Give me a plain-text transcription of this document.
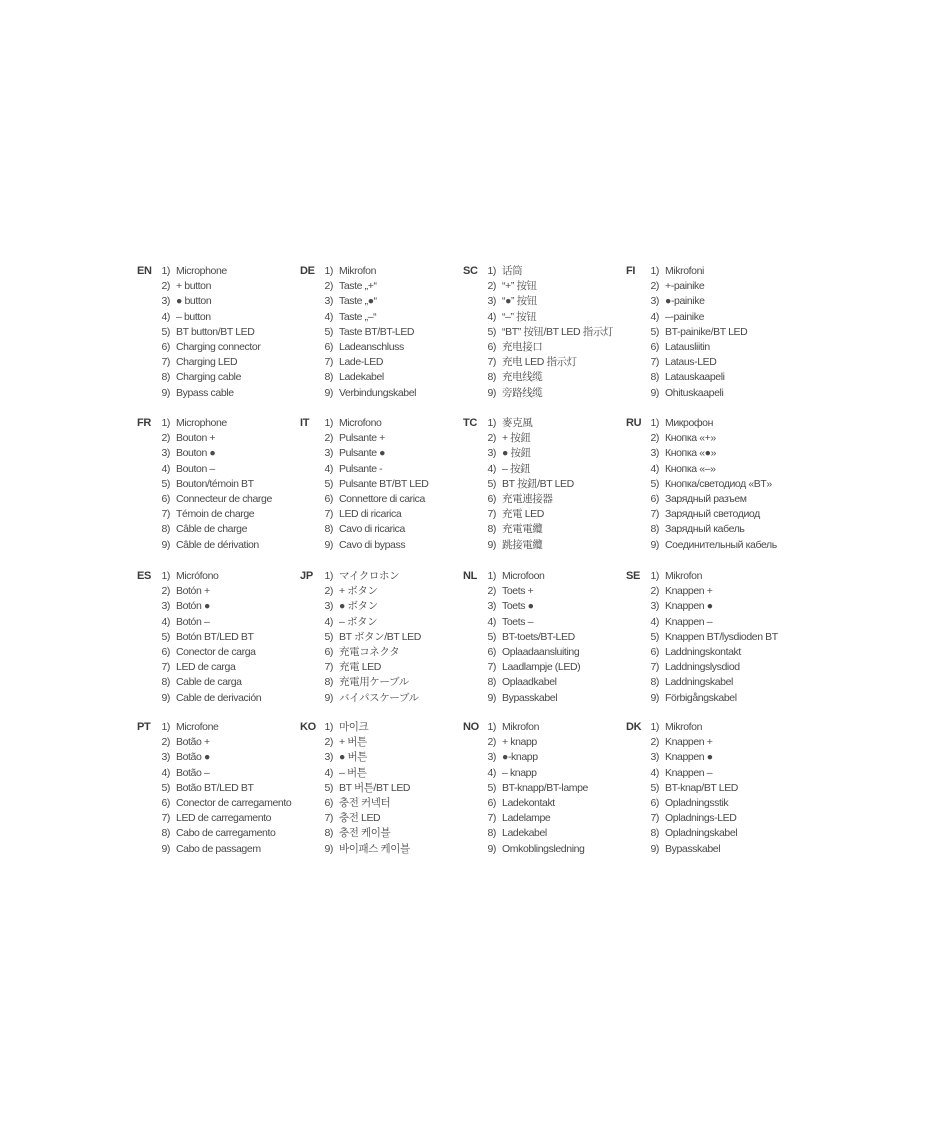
EN 1) Microphone
2) + button
3) ● button
4) – button
5) BT button/BT LED
6) Charging connector
7) Charging LED
8) Charging cable
9) Bypass cable
DE 1) Mikrofon
2) Taste „+“
3) Taste „●“
4) Taste „–“
5) Taste BT/BT-LED
6) Ladeanschluss
7) Lade-LED
8) Ladekabel
9) Verbindungskabel
SC 1) 话筒
2) “+” 按钮
3) “●” 按钮
4) “–” 按钮
5) “BT” 按钮/BT LED 指示灯
6) 充电接口
7) 充电 LED 指示灯
8) 充电线缆
9) 旁路线缆
FI	1) Mikrofoni
2) +-painike
3) ●-painike
4) –-painike
5) BT-painike/BT LED
6) Latausliitin
7) Lataus-LED
8) Latauskaapeli
9) Ohituskaapeli
FR 1) Microphone
2) Bouton +
3) Bouton ●
4) Bouton –
5) Bouton/témoin BT
6) Connecteur de charge
7) Témoin de charge
8) Câble de charge
9) Câble de dérivation
IT	1) Microfono
2) Pulsante +
3) Pulsante ●
4) Pulsante -
5) Pulsante BT/BT LED
6) Connettore di carica
7) LED di ricarica
8) Cavo di ricarica
9) Cavo di bypass
TC 1) 麥克風
2) + 按鈕
3) ● 按鈕
4) – 按鈕
5) BT 按鈕/BT LED
6) 充電連接器
7) 充電 LED
8) 充電電纜
9) 跳接電纜
RU 1) Микрофон
2) Кнопка «+»
3) Кнопка «●»
4) Кнопка «–»
5) Кнопка/светодиод «BT»
6) Зарядный разъем
7) Зарядный светодиод
8) Зарядный кабель
9) Соединительный кабель
ES 1) Micrófono
2) Botón +
3) Botón ●
4) Botón –
5) Botón BT/LED BT
6) Conector de carga
7) LED de carga
8) Cable de carga
9) Cable de derivación
JP	1) マイクロホン
2) + ボタン
3) ● ボタン
4) – ボタン
5) BT ボタン/BT LED
6) 充電コネクタ
7) 充電 LED
8) 充電用ケーブル
9) バイパスケーブル
NL 1) Microfoon
2) Toets +
3) Toets ●
4) Toets –
5) BT-toets/BT-LED
6) Oplaadaansluiting
7) Laadlampje (LED)
8) Oplaadkabel
9) Bypasskabel
SE 1) Mikrofon
2) Knappen +
3) Knappen ●
4) Knappen –
5) Knappen BT/lysdioden BT
6) Laddningskontakt
7) Laddningslysdiod
8) Laddningskabel
9) Förbigångskabel
PT	1) Microfone
2) Botão +
3) Botão ●
4) Botão –
5) Botão BT/LED BT
6) Conector de carregamento
7) LED de carregamento
8) Cabo de carregamento
9) Cabo de passagem
KO 1) 마이크
2) + 버튼
3) ● 버튼
4) – 버튼
5) BT 버튼/BT LED
6) 충전 커넥터
7) 충전 LED
8) 충전 케이블
9) 바이패스 케이블
NO 1) Mikrofon
2) + knapp
3) ●-knapp
4) – knapp
5) BT-knapp/BT-lampe
6) Ladekontakt
7) Ladelampe
8) Ladekabel
9) Omkoblingsledning
DK 1) Mikrofon
2) Knappen +
3) Knappen ●
4) Knappen –
5) BT-knap/BT LED
6) Opladningsstik
7) Opladnings-LED
8) Opladningskabel
9) Bypasskabel
